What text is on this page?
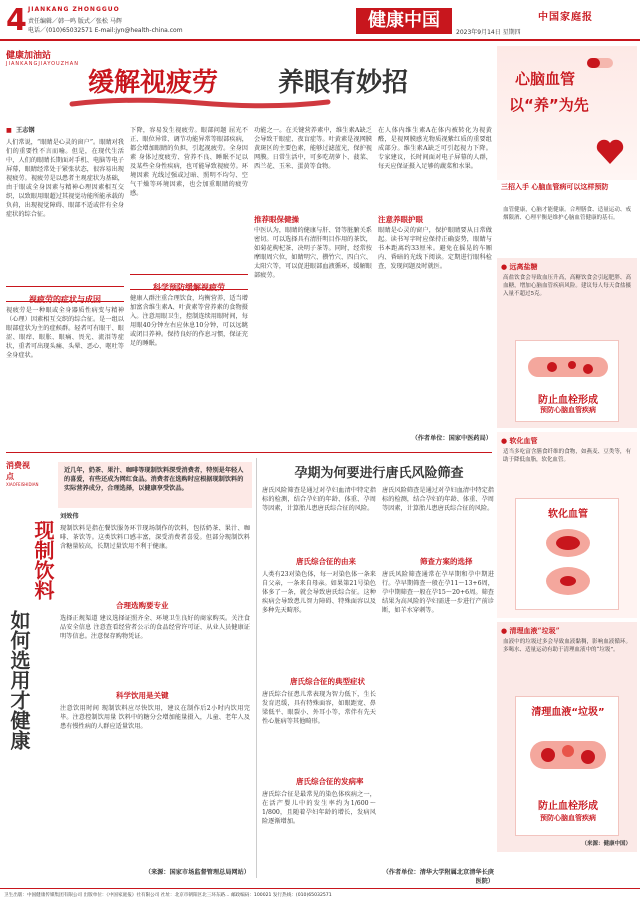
4 JIANKANG ZHONGGUO
责任编辑／韩一鸣 版式／张松 马辉
电话／(010)65032571 E-mail:jyn@health-china.com	健康中国	中国家庭报
2023年9月14日 星期四
健康加油站
JIANKANGJIAYOUZHAN
缓解视疲劳 养眼有妙招
■ 王志钢
人们常说，“眼睛是心灵的窗户”。眼睛对我们的重要性不言而喻。但是，在现代生活中，人们的眼睛长期面对手机、电脑等电子屏幕，眼睛经常处于紧张状态，很容易出现视疲劳。视疲劳是以患者主观症状为基础，由于眼或全身因素与精神心理因素相互交织，以致眼用眼超过其视觉功能所能承载的负荷，出现视觉障碍、眼部不适或伴有全身症状的综合征。
视疲劳的症状与成因
视疲劳是一种眼或全身器质性病变与精神（心理）因素相互交织的综合征。是一组以眼部症状为主的症候群。轻者可有眼干、眼涩、眼痒、眼胀、眼痛、畏光、流泪等症状，重者可出现头痛、头晕、恶心、呕吐等全身症状。
下降，容易发生视疲劳。眼部问题 屈光不正、眼位异常、调节功能异常等眼部疾病，都会增加眼睛的负担，引起视疲劳。全身因素 身体过度疲劳、营养不良、睡眠不足以及某些全身性疾病，也可能导致视疲劳。环境因素 光线过强或过暗、照明不均匀、空气干燥等环境因素，也会加重眼睛的疲劳感。
科学预防缓解视疲劳
健康人群注重合理饮食，均衡营养，适当增加富含维生素A、叶黄素等营养素的食物摄入。注意用眼卫生，控制连续用眼时间，每用眼40分钟左右应休息10分钟，可以远眺或闭目养神。保持良好的作息习惯，保证充足的睡眠。
功能之一。在关键营养素中，维生素A缺乏会导致干眼症、夜盲症等。叶黄素是视网膜黄斑区的主要色素，能够过滤蓝光，保护视网膜。日常生活中，可多吃胡萝卜、菠菜、西兰花、玉米、蛋黄等食物。
推荐眼保健操
中医认为，眼睛的健康与肝、肾等脏腑关系密切。可以选择具有清肝明目作用的茶饮，如菊花枸杞茶、决明子茶等。同时，经常按摩眼周穴位，如睛明穴、攒竹穴、四白穴、太阳穴等，可以促进眼部血液循环，缓解眼部疲劳。
在人体内维生素A在体内被转化为视黄醛，是视网膜感光物质视紫红质的重要组成部分。维生素A缺乏可引起视力下降。专家建议，长时间面对电子屏幕的人群，每天应保证摄入足够的蔬菜和水果。
注意养眼护眼
眼睛是心灵的窗户，保护眼睛要从日常做起。读书写字时应保持正确姿势，眼睛与书本距离约33厘米。避免在摇晃的车厢内、昏暗的光线下阅读。定期进行眼科检查，发现问题及时就医。
（作者单位：国家中医药局）
消费视点
XIAOFEISHIDIAN
现制饮料
如何选用才健康
近几年，奶茶、果汁、咖啡等现制饮料深受消费者，特别是年轻人的喜爱，有些还成为网红食品。消费者在选购时应根据现制饮料的实际营养成分，合理选择，以健康享受饮品。
刘效伟
现制饮料是指在餐饮服务环节现场制作的饮料，包括奶茶、果汁、咖啡、茶饮等。这类饮料口感丰富，深受消费者喜爱。但部分现制饮料含糖量较高，长期过量饮用不利于健康。
合理选购要专业
选择正规渠道 建议选择证照齐全、环境卫生良好的商家购买。关注食品安全信息 注意查看经营者公示的食品经营许可证、从业人员健康证明等信息。注意保存购物凭证。
科学饮用是关键
注意饮用时间 现制饮料应尽快饮用，建议在制作后2小时内饮用完毕。注意控制饮用量 饮料中的糖分会增加能量摄入，儿童、老年人及患有慢性病的人群应适量饮用。
（来源：国家市场监督管理总局网站）
孕期为何要进行唐氏风险筛查
唐氏风险筛查是通过对孕妇血清中特定指标的检测，结合孕妇的年龄、体重、孕周等因素，计算胎儿患唐氏综合征的风险。
唐氏综合征的由来
人类有23对染色体，每一对染色体一条来自父亲，一条来自母亲。如果第21号染色体多了一条，就会导致唐氏综合征。这种疾病会导致患儿智力障碍、特殊面容以及多种先天畸形。
唐氏综合征的典型症状
唐氏综合征患儿常表现为智力低下，生长发育迟缓，具有特殊面容，如眼距宽、鼻梁低平、眼裂小、外耳小等，常伴有先天性心脏病等其他畸形。
唐氏综合征的发病率
唐氏综合征是最常见的染色体疾病之一，在活产婴儿中的发生率约为1/600～1/800，且随着孕妇年龄的增长，发病风险逐渐增加。
筛查方案的选择
唐氏风险筛查是通过对孕妇血清中特定指标的检测，结合孕妇的年龄、体重、孕周等因素，计算胎儿患唐氏综合征的风险。
唐氏风险筛查通常在孕早期和孕中期进行。孕早期筛查一般在孕11～13+6周，孕中期筛查一般在孕15～20+6周。筛查结果为高风险的孕妇需进一步进行产前诊断，如羊水穿刺等。
（作者单位：清华大学附属北京清华长庚医院）
心脑血管
以“养”为先
三招入手 心脑血管病可以这样预防
血管健康，心脑才能健康。合理膳食、适量运动、戒烟限酒、心理平衡是维护心脑血管健康的基石。
● 远离盐糖
高盐饮食会导致血压升高，高糖饮食会引起肥胖、高血糖，增加心脑血管疾病风险。建议每人每天食盐摄入量不超过5克。
防止血栓形成
预防心脑血管疾病
● 软化血管
适当多吃富含膳食纤维的食物，如燕麦、豆类等，有助于降低血脂，软化血管。
软化血管
● 清理血液“垃圾”
血液中的垃圾过多会导致血液黏稠，影响血液循环。多喝水、适量运动有助于清理血液中的“垃圾”。
清理血液“垃圾”
防止血栓形成
预防心脑血管疾病
（来源：健康中国）
卫生出版：中国健康传媒集团有限公司 出版单位：《中国家庭报》社有限公司 社址：北京市朝阳区北三环东路... 邮政编码：100021 发行热线：(010)65032571
